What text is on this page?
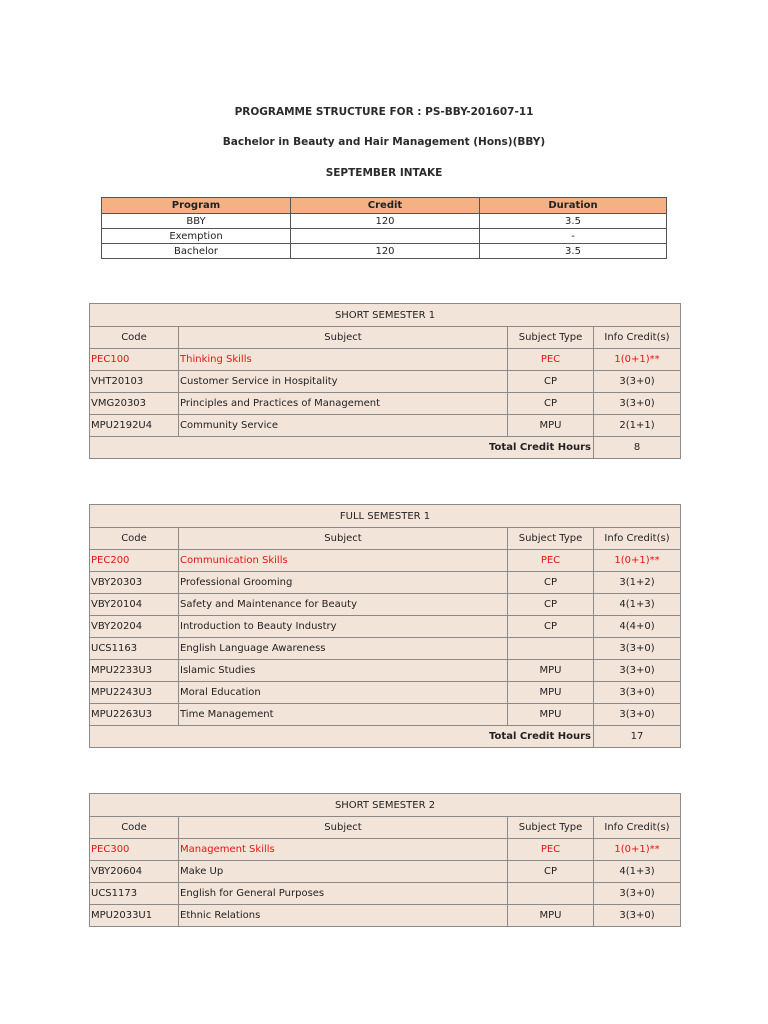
PROGRAMME STRUCTURE FOR : PS-BBY-201607-11
Bachelor in Beauty and Hair Management (Hons)(BBY)
SEPTEMBER INTAKE
Program	Credit	Duration
BBY	120	3.5
Exemption		-
Bachelor	120	3.5
SHORT SEMESTER 1			
Code	Subject	Subject Type	Info Credit(s)
PEC100	Thinking Skills	PEC	1(0+1)**
VHT20103	Customer Service in Hospitality	CP	3(3+0)
VMG20303	Principles and Practices of Management	CP	3(3+0)
MPU2192U4	Community Service	MPU	2(1+1)
Total Credit Hours			8
FULL SEMESTER 1			
Code	Subject	Subject Type	Info Credit(s)
PEC200	Communication Skills	PEC	1(0+1)**
VBY20303	Professional Grooming	CP	3(1+2)
VBY20104	Safety and Maintenance for Beauty	CP	4(1+3)
VBY20204	Introduction to Beauty Industry	CP	4(4+0)
UCS1163	English Language Awareness		3(3+0)
MPU2233U3	Islamic Studies	MPU	3(3+0)
MPU2243U3	Moral Education	MPU	3(3+0)
MPU2263U3	Time Management	MPU	3(3+0)
Total Credit Hours			17
SHORT SEMESTER 2			
Code	Subject	Subject Type	Info Credit(s)
PEC300	Management Skills	PEC	1(0+1)**
VBY20604	Make Up	CP	4(1+3)
UCS1173	English for General Purposes		3(3+0)
MPU2033U1	Ethnic Relations	MPU	3(3+0)
